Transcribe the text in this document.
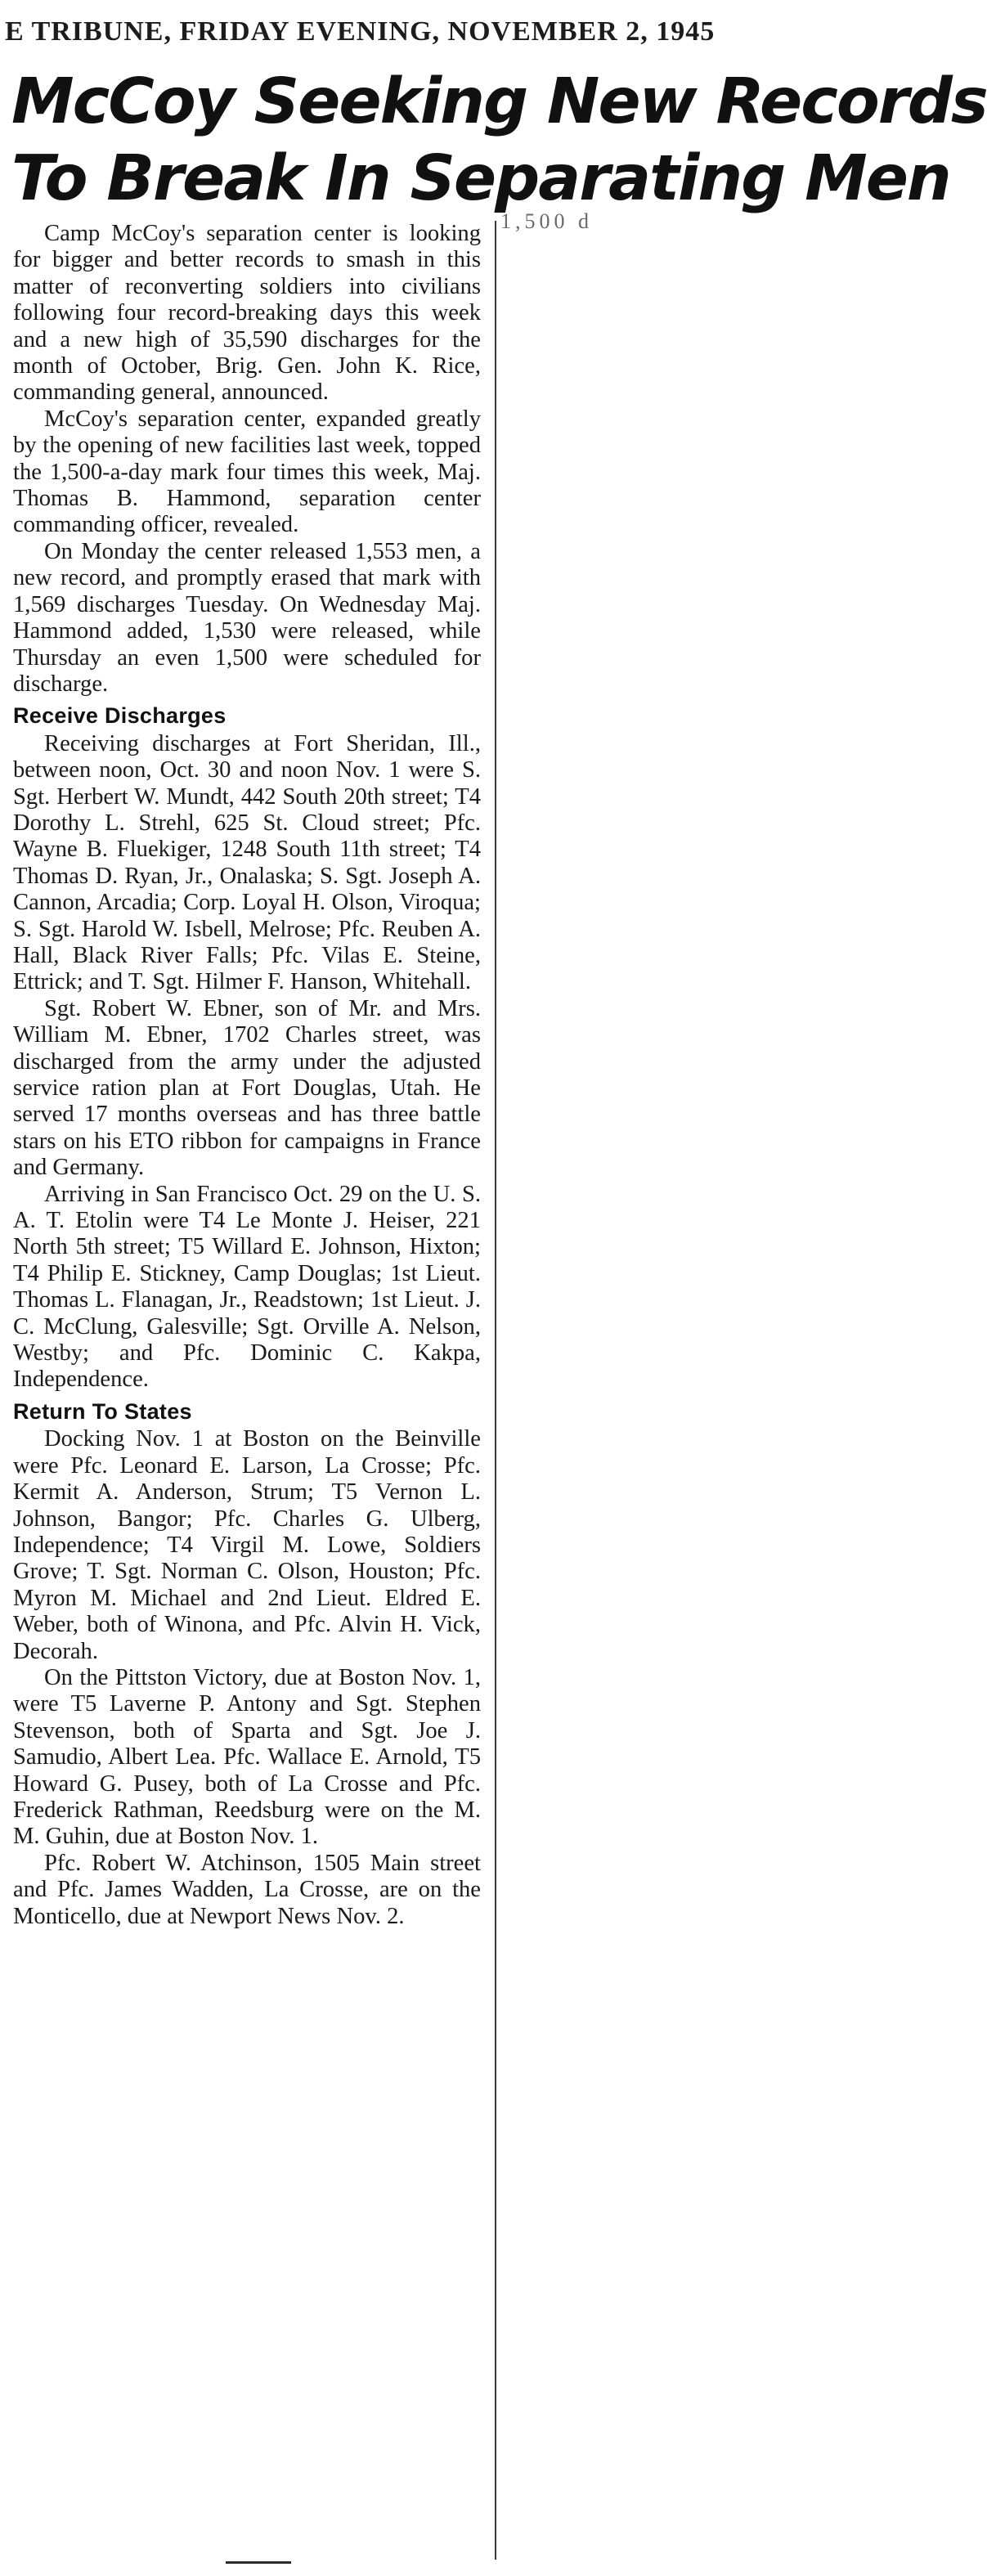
E TRIBUNE, FRIDAY EVENING, NOVEMBER 2, 1945
McCoy Seeking New Records
To Break In Separating Men
1,500 d

Camp McCoy's separation center is looking for bigger and better records to smash in this matter of reconverting soldiers into civilians following four record-breaking days this week and a new high of 35,590 discharges for the month of October, Brig. Gen. John K. Rice, commanding general, announced.

McCoy's separation center, expanded greatly by the opening of new facilities last week, topped the 1,500-a-day mark four times this week, Maj. Thomas B. Hammond, separation center commanding officer, revealed.

On Monday the center released 1,553 men, a new record, and promptly erased that mark with 1,569 discharges Tuesday. On Wednesday Maj. Hammond added, 1,530 were released, while Thursday an even 1,500 were scheduled for discharge.

Receive Discharges

Receiving discharges at Fort Sheridan, Ill., between noon, Oct. 30 and noon Nov. 1 were S. Sgt. Herbert W. Mundt, 442 South 20th street; T4 Dorothy L. Strehl, 625 St. Cloud street; Pfc. Wayne B. Fluekiger, 1248 South 11th street; T4 Thomas D. Ryan, Jr., Onalaska; S. Sgt. Joseph A. Cannon, Arcadia; Corp. Loyal H. Olson, Viroqua; S. Sgt. Harold W. Isbell, Melrose; Pfc. Reuben A. Hall, Black River Falls; Pfc. Vilas E. Steine, Ettrick; and T. Sgt. Hilmer F. Hanson, Whitehall.

Sgt. Robert W. Ebner, son of Mr. and Mrs. William M. Ebner, 1702 Charles street, was discharged from the army under the adjusted service ration plan at Fort Douglas, Utah. He served 17 months overseas and has three battle stars on his ETO ribbon for campaigns in France and Germany.

Arriving in San Francisco Oct. 29 on the U. S. A. T. Etolin were T4 Le Monte J. Heiser, 221 North 5th street; T5 Willard E. Johnson, Hixton; T4 Philip E. Stickney, Camp Douglas; 1st Lieut. Thomas L. Flanagan, Jr., Readstown; 1st Lieut. J. C. McClung, Galesville; Sgt. Orville A. Nelson, Westby; and Pfc. Dominic C. Kakpa, Independence.

Return To States

Docking Nov. 1 at Boston on the Beinville were Pfc. Leonard E. Larson, La Crosse; Pfc. Kermit A. Anderson, Strum; T5 Vernon L. Johnson, Bangor; Pfc. Charles G. Ulberg, Independence; T4 Virgil M. Lowe, Soldiers Grove; T. Sgt. Norman C. Olson, Houston; Pfc. Myron M. Michael and 2nd Lieut. Eldred E. Weber, both of Winona, and Pfc. Alvin H. Vick, Decorah.

On the Pittston Victory, due at Boston Nov. 1, were T5 Laverne P. Antony and Sgt. Stephen Stevenson, both of Sparta and Sgt. Joe J. Samudio, Albert Lea. Pfc. Wallace E. Arnold, T5 Howard G. Pusey, both of La Crosse and Pfc. Frederick Rathman, Reedsburg were on the M. M. Guhin, due at Boston Nov. 1.

Pfc. Robert W. Atchinson, 1505 Main street and Pfc. James Wadden, La Crosse, are on the Monticello, due at Newport News Nov. 2.
